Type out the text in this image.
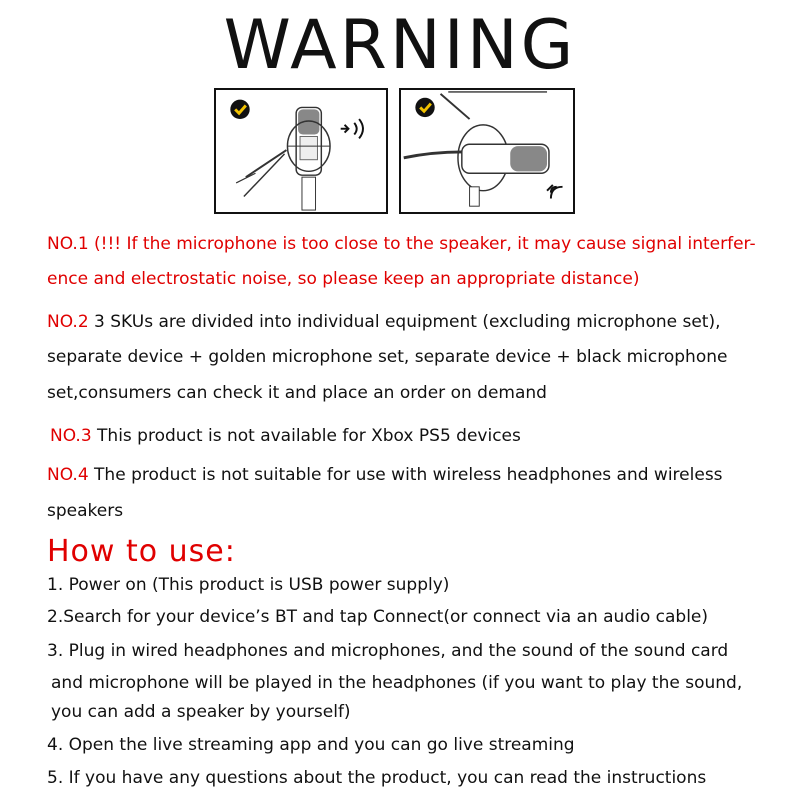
WARNING
NO.1 (!!! If the microphone is too close to the speaker, it may cause signal interfer-
ence and electrostatic noise, so please keep an appropriate distance)
NO.2 3 SKUs are divided into individual equipment (excluding microphone set),
separate device + golden microphone set, separate device + black microphone
set,consumers can check it and place an order on demand
NO.3 This product is not available for Xbox PS5 devices
NO.4 The product is not suitable for use with wireless headphones and wireless
speakers
How to use:
1. Power on (This product is USB power supply)
2.Search for your device’s BT and tap Connect(or connect via an audio cable)
3. Plug in wired headphones and microphones, and the sound of the sound card
and microphone will be played in the headphones (if you want to play the sound,
you can add a speaker by yourself)
4. Open the live streaming app and you can go live streaming
5. If you have any questions about the product, you can read the instructions
